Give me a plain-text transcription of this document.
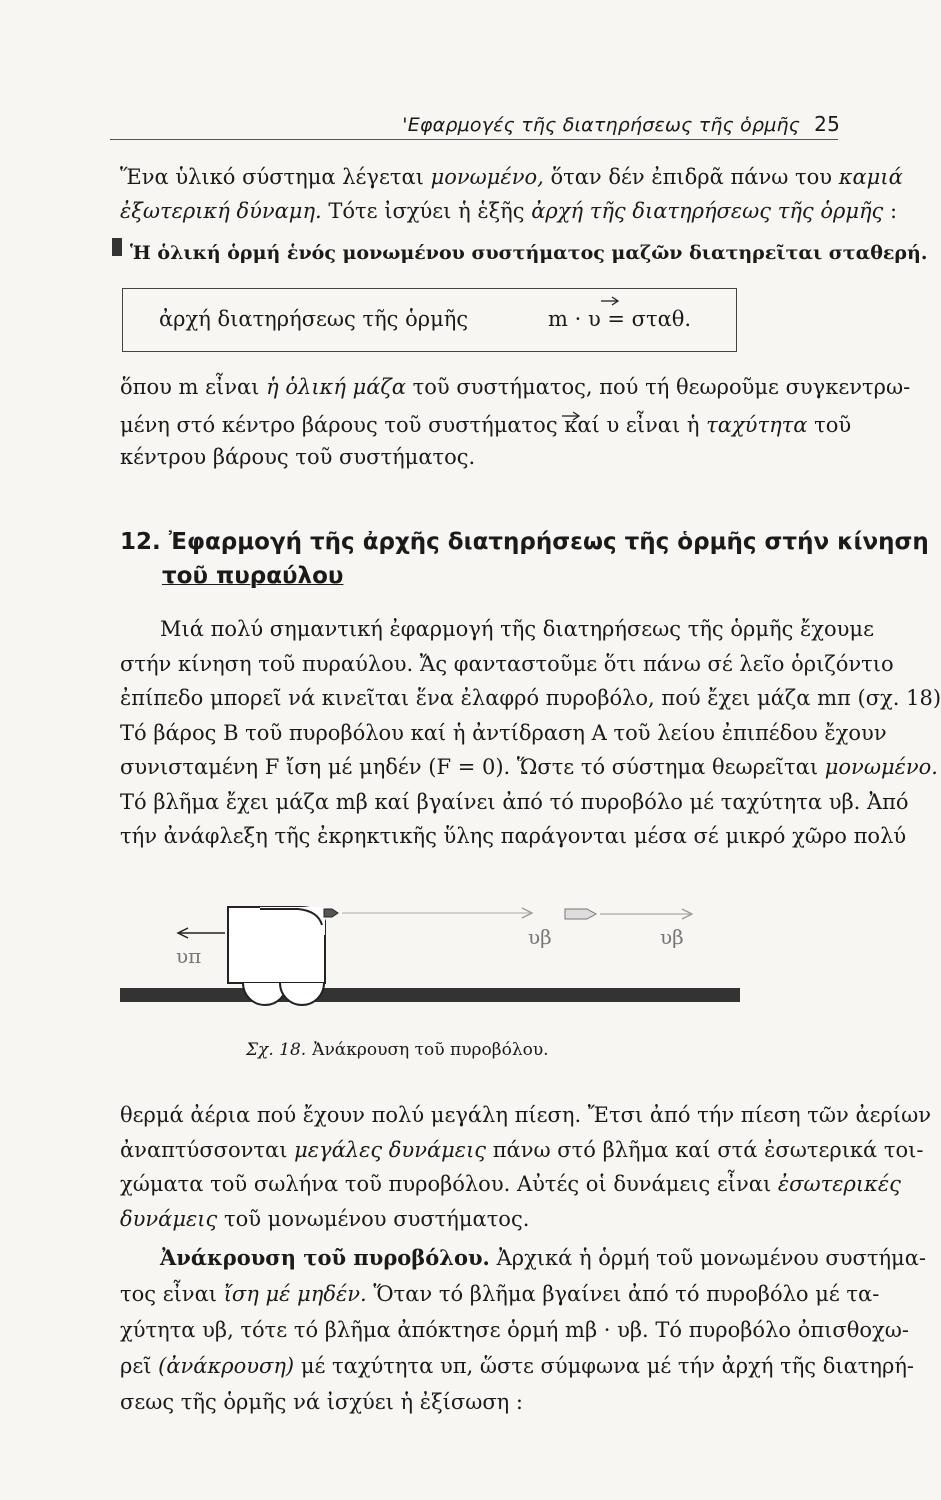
'Εφαρμογές τῆς διατηρήσεως τῆς ὁρμῆς 25
Ἕνα ὑλικό σύστημα λέγεται μονωμένο, ὅταν δέν ἐπιδρᾶ πάνω του καμιά
ἐξωτερική δύναμη. Τότε ἰσχύει ἡ ἑξῆς ἀρχή τῆς διατηρήσεως τῆς ὁρμῆς :
Ἡ ὁλική ὁρμή ἑνός μονωμένου συστήματος μαζῶν διατηρεῖται σταθερή.
ἀρχή διατηρήσεως τῆς ὁρμῆς	m · υ = σταθ.
ὅπου m εἶναι ἡ ὁλική μάζα τοῦ συστήματος, πού τή θεωροῦμε συγκεντρω-
μένη στό κέντρο βάρους τοῦ συστήματος καί υ εἶναι ἡ ταχύτητα τοῦ
κέντρου βάρους τοῦ συστήματος.
12. Ἐφαρμογή τῆς ἀρχῆς διατηρήσεως τῆς ὁρμῆς στήν κίνηση
τοῦ πυραύλου
Μιά πολύ σημαντική ἐφαρμογή τῆς διατηρήσεως τῆς ὁρμῆς ἔχουμε
στήν κίνηση τοῦ πυραύλου. Ἄς φανταστοῦμε ὅτι πάνω σέ λεῖο ὁριζόντιο
ἐπίπεδο μπορεῖ νά κινεῖται ἕνα ἐλαφρό πυροβόλο, πού ἔχει μάζα mπ (σχ. 18)
Τό βάρος B τοῦ πυροβόλου καί ἡ ἀντίδραση A τοῦ λείου ἐπιπέδου ἔχουν
συνισταμένη F ἴση μέ μηδέν (F = 0). Ὥστε τό σύστημα θεωρεῖται μονωμένο.
Τό βλῆμα ἔχει μάζα mβ καί βγαίνει ἀπό τό πυροβόλο μέ ταχύτητα υβ. Ἀπό
τήν ἀνάφλεξη τῆς ἐκρηκτικῆς ὕλης παράγονται μέσα σέ μικρό χῶρο πολύ
υπ
υβ	υβ
Σχ. 18. Ἀνάκρουση τοῦ πυροβόλου.
θερμά ἀέρια πού ἔχουν πολύ μεγάλη πίεση. Ἔτσι ἀπό τήν πίεση τῶν ἀερίων
ἀναπτύσσονται μεγάλες δυνάμεις πάνω στό βλῆμα καί στά ἐσωτερικά τοι-
χώματα τοῦ σωλήνα τοῦ πυροβόλου. Αὐτές οἱ δυνάμεις εἶναι ἐσωτερικές
δυνάμεις τοῦ μονωμένου συστήματος.
Ἀνάκρουση τοῦ πυροβόλου. Ἀρχικά ἡ ὁρμή τοῦ μονωμένου συστήμα-
τος εἶναι ἴση μέ μηδέν. Ὅταν τό βλῆμα βγαίνει ἀπό τό πυροβόλο μέ τα-
χύτητα υβ, τότε τό βλῆμα ἀπόκτησε ὁρμή mβ · υβ. Τό πυροβόλο ὀπισθοχω-
ρεῖ (ἀνάκρουση) μέ ταχύτητα υπ, ὥστε σύμφωνα μέ τήν ἀρχή τῆς διατηρή-
σεως τῆς ὁρμῆς νά ἰσχύει ἡ ἐξίσωση :
